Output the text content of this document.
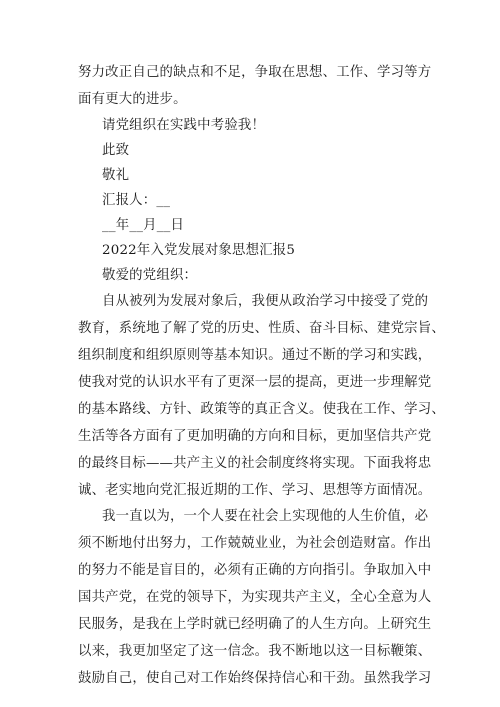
努力改正自己的缺点和不足，争取在思想、工作、学习等方
面有更大的进步。
请党组织在实践中考验我！
此致
敬礼
汇报人：__
__年__月__日
2022年入党发展对象思想汇报5
敬爱的党组织：
自从被列为发展对象后，我便从政治学习中接受了党的
教育，系统地了解了党的历史、性质、奋斗目标、建党宗旨、
组织制度和组织原则等基本知识。通过不断的学习和实践，
使我对党的认识水平有了更深一层的提高，更进一步理解党
的基本路线、方针、政策等的真正含义。使我在工作、学习、
生活等各方面有了更加明确的方向和目标，更加坚信共产党
的最终目标——共产主义的社会制度终将实现。下面我将忠
诚、老实地向党汇报近期的工作、学习、思想等方面情况。
我一直以为，一个人要在社会上实现他的人生价值，必
须不断地付出努力，工作兢兢业业，为社会创造财富。作出
的努力不能是盲目的，必须有正确的方向指引。争取加入中
国共产党，在党的领导下，为实现共产主义，全心全意为人
民服务，是我在上学时就已经明确了的人生方向。上研究生
以来，我更加坚定了这一信念。我不断地以这一目标鞭策、
鼓励自己，使自己对工作始终保持信心和干劲。虽然我学习
